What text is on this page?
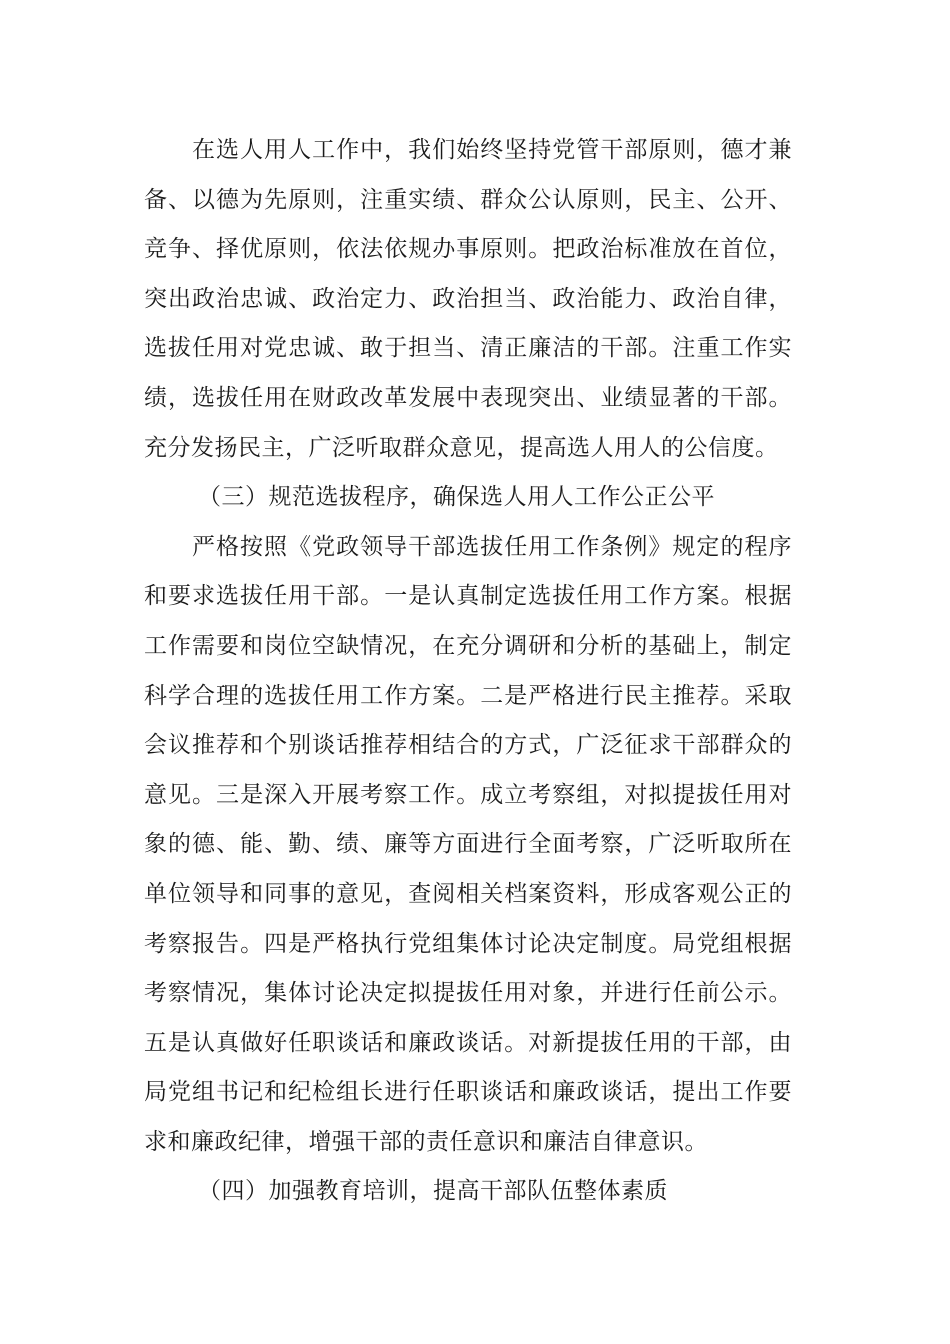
在选人用人工作中，我们始终坚持党管干部原则，德才兼备、以德为先原则，注重实绩、群众公认原则，民主、公开、竞争、择优原则，依法依规办事原则。把政治标准放在首位，突出政治忠诚、政治定力、政治担当、政治能力、政治自律，选拔任用对党忠诚、敢于担当、清正廉洁的干部。注重工作实绩，选拔任用在财政改革发展中表现突出、业绩显著的干部。充分发扬民主，广泛听取群众意见，提高选人用人的公信度。

（三）规范选拔程序，确保选人用人工作公正公平

严格按照《党政领导干部选拔任用工作条例》规定的程序和要求选拔任用干部。一是认真制定选拔任用工作方案。根据工作需要和岗位空缺情况，在充分调研和分析的基础上，制定科学合理的选拔任用工作方案。二是严格进行民主推荐。采取会议推荐和个别谈话推荐相结合的方式，广泛征求干部群众的意见。三是深入开展考察工作。成立考察组，对拟提拔任用对象的德、能、勤、绩、廉等方面进行全面考察，广泛听取所在单位领导和同事的意见，查阅相关档案资料，形成客观公正的考察报告。四是严格执行党组集体讨论决定制度。局党组根据考察情况，集体讨论决定拟提拔任用对象，并进行任前公示。五是认真做好任职谈话和廉政谈话。对新提拔任用的干部，由局党组书记和纪检组长进行任职谈话和廉政谈话，提出工作要求和廉政纪律，增强干部的责任意识和廉洁自律意识。

（四）加强教育培训，提高干部队伍整体素质
